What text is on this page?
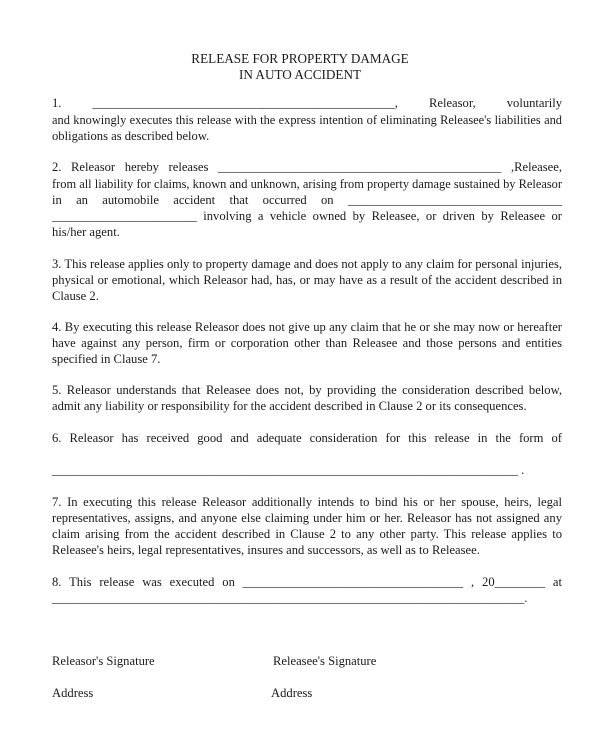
RELEASE FOR PROPERTY DAMAGE
IN AUTO ACCIDENT
1. ________________________________________________, Releasor, voluntarily
and knowingly executes this release with the express intention of eliminating Releasee's liabilities and
obligations as described below.
2. Releasor hereby releases _____________________________________________ ,Releasee,
from all liability for claims, known and unknown, arising from property damage sustained by Releasor
in an automobile accident that occurred on __________________________________
_______________________ involving a vehicle owned by Releasee, or driven by Releasee or
his/her agent.
3. This release applies only to property damage and does not apply to any claim for personal injuries,
physical or emotional, which Releasor had, has, or may have as a result of the accident described in
Clause 2.
4. By executing this release Releasor does not give up any claim that he or she may now or hereafter
have against any person, firm or corporation other than Releasee and those persons and entities
specified in Clause 7.
5. Releasor understands that Releasee does not, by providing the consideration described below,
admit any liability or responsibility for the accident described in Clause 2 or its consequences.
6. Releasor has received good and adequate consideration for this release in the form of
__________________________________________________________________________ .
7. In executing this release Releasor additionally intends to bind his or her spouse, heirs, legal
representatives, assigns, and anyone else claiming under him or her. Releasor has not assigned any
claim arising from the accident described in Clause 2 to any other party. This release applies to
Releasee's heirs, legal representatives, insures and successors, as well as to Releasee.
8. This release was executed on ___________________________________ , 20________ at
___________________________________________________________________________.
Releasor's Signature	Releasee's Signature
Address	Address
